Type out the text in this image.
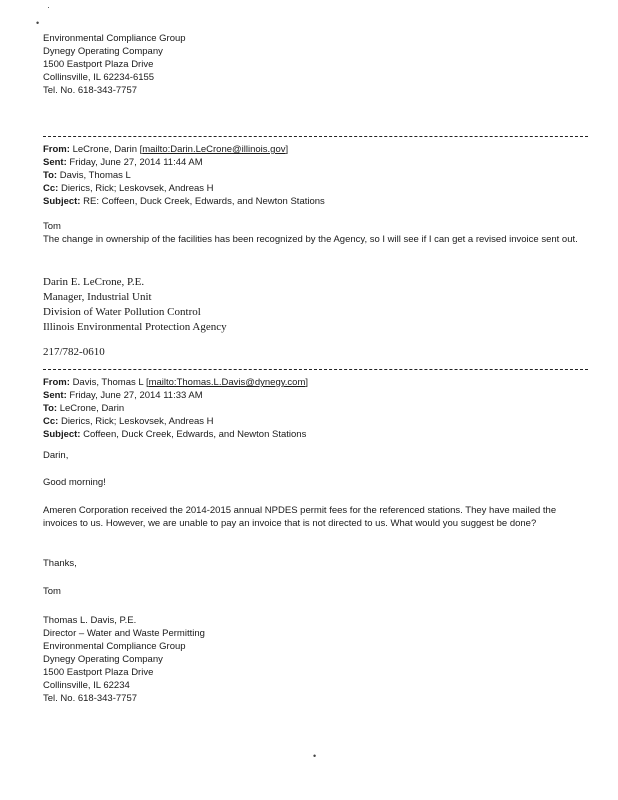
·
•
Environmental Compliance Group
Dynegy Operating Company
1500 Eastport Plaza Drive
Collinsville, IL 62234-6155
Tel. No. 618-343-7757
From: LeCrone, Darin [mailto:Darin.LeCrone@illinois.gov]
Sent: Friday, June 27, 2014 11:44 AM
To: Davis, Thomas L
Cc: Dierics, Rick; Leskovsek, Andreas H
Subject: RE: Coffeen, Duck Creek, Edwards, and Newton Stations
Tom
The change in ownership of the facilities has been recognized by the Agency, so I will see if I can get a revised invoice sent out.
Darin E. LeCrone, P.E.
Manager, Industrial Unit
Division of Water Pollution Control
Illinois Environmental Protection Agency
217/782-0610
From: Davis, Thomas L [mailto:Thomas.L.Davis@dynegy.com]
Sent: Friday, June 27, 2014 11:33 AM
To: LeCrone, Darin
Cc: Dierics, Rick; Leskovsek, Andreas H
Subject: Coffeen, Duck Creek, Edwards, and Newton Stations
Darin,
Good morning!
Ameren Corporation received the 2014-2015 annual NPDES permit fees for the referenced stations. They have mailed the invoices to us. However, we are unable to pay an invoice that is not directed to us. What would you suggest be done?
Thanks,
Tom
Thomas L. Davis, P.E.
Director – Water and Waste Permitting
Environmental Compliance Group
Dynegy Operating Company
1500 Eastport Plaza Drive
Collinsville, IL 62234
Tel. No. 618-343-7757
•
